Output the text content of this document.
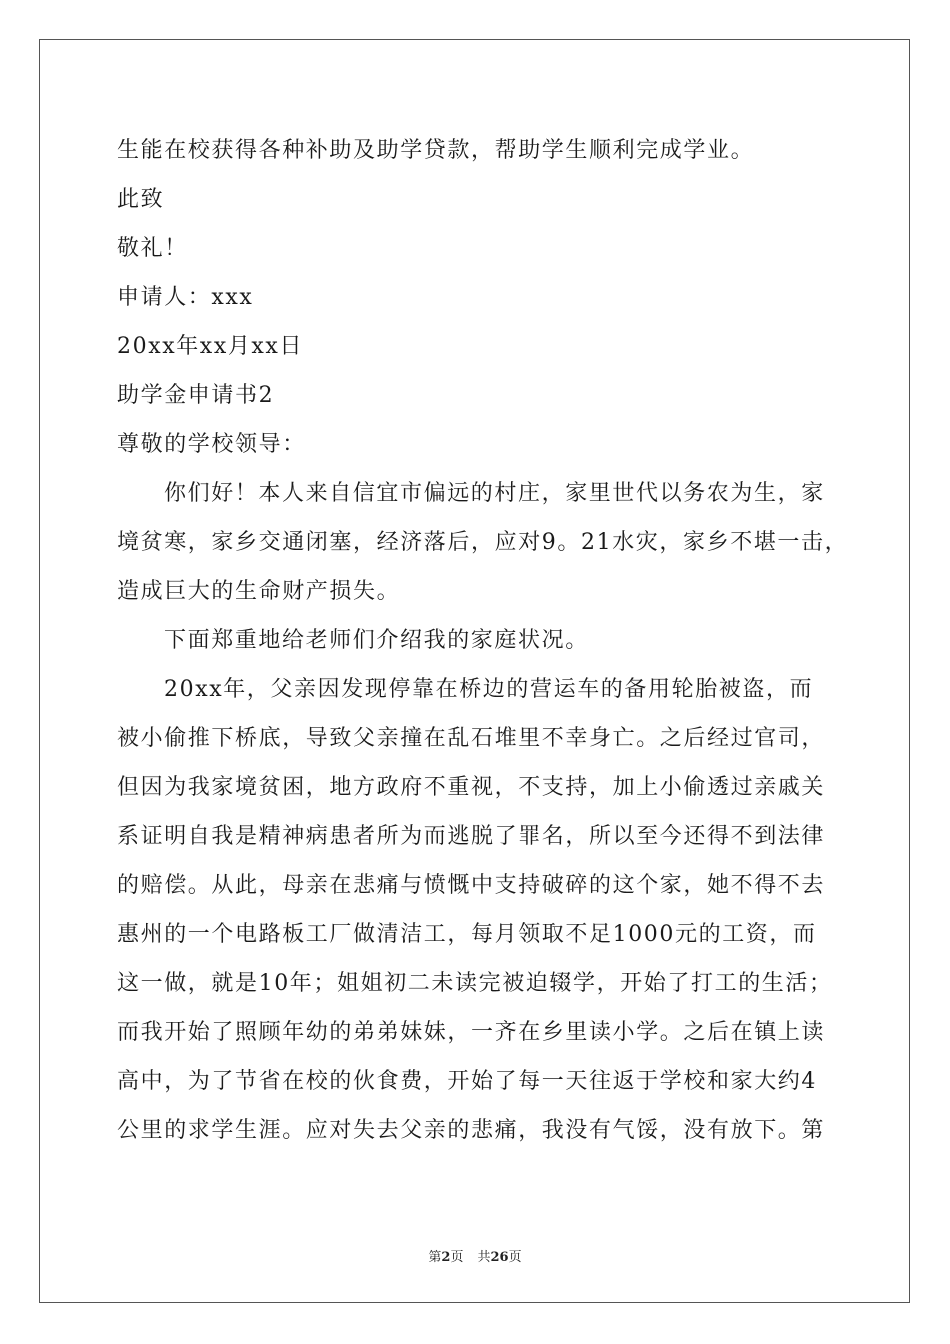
生能在校获得各种补助及助学贷款，帮助学生顺利完成学业。
此致
敬礼！
申请人：xxx
20xx年xx月xx日
助学金申请书2
尊敬的学校领导：
你们好！本人来自信宜市偏远的村庄，家里世代以务农为生，家
境贫寒，家乡交通闭塞，经济落后，应对9。21水灾，家乡不堪一击，
造成巨大的生命财产损失。
下面郑重地给老师们介绍我的家庭状况。
20xx年，父亲因发现停靠在桥边的营运车的备用轮胎被盗，而
被小偷推下桥底，导致父亲撞在乱石堆里不幸身亡。之后经过官司，
但因为我家境贫困，地方政府不重视，不支持，加上小偷透过亲戚关
系证明自我是精神病患者所为而逃脱了罪名，所以至今还得不到法律
的赔偿。从此，母亲在悲痛与愤慨中支持破碎的这个家，她不得不去
惠州的一个电路板工厂做清洁工，每月领取不足1000元的工资，而
这一做，就是10年；姐姐初二未读完被迫辍学，开始了打工的生活；
而我开始了照顾年幼的弟弟妹妹，一齐在乡里读小学。之后在镇上读
高中，为了节省在校的伙食费，开始了每一天往返于学校和家大约4
公里的求学生涯。应对失去父亲的悲痛，我没有气馁，没有放下。第
第2页 共26页
